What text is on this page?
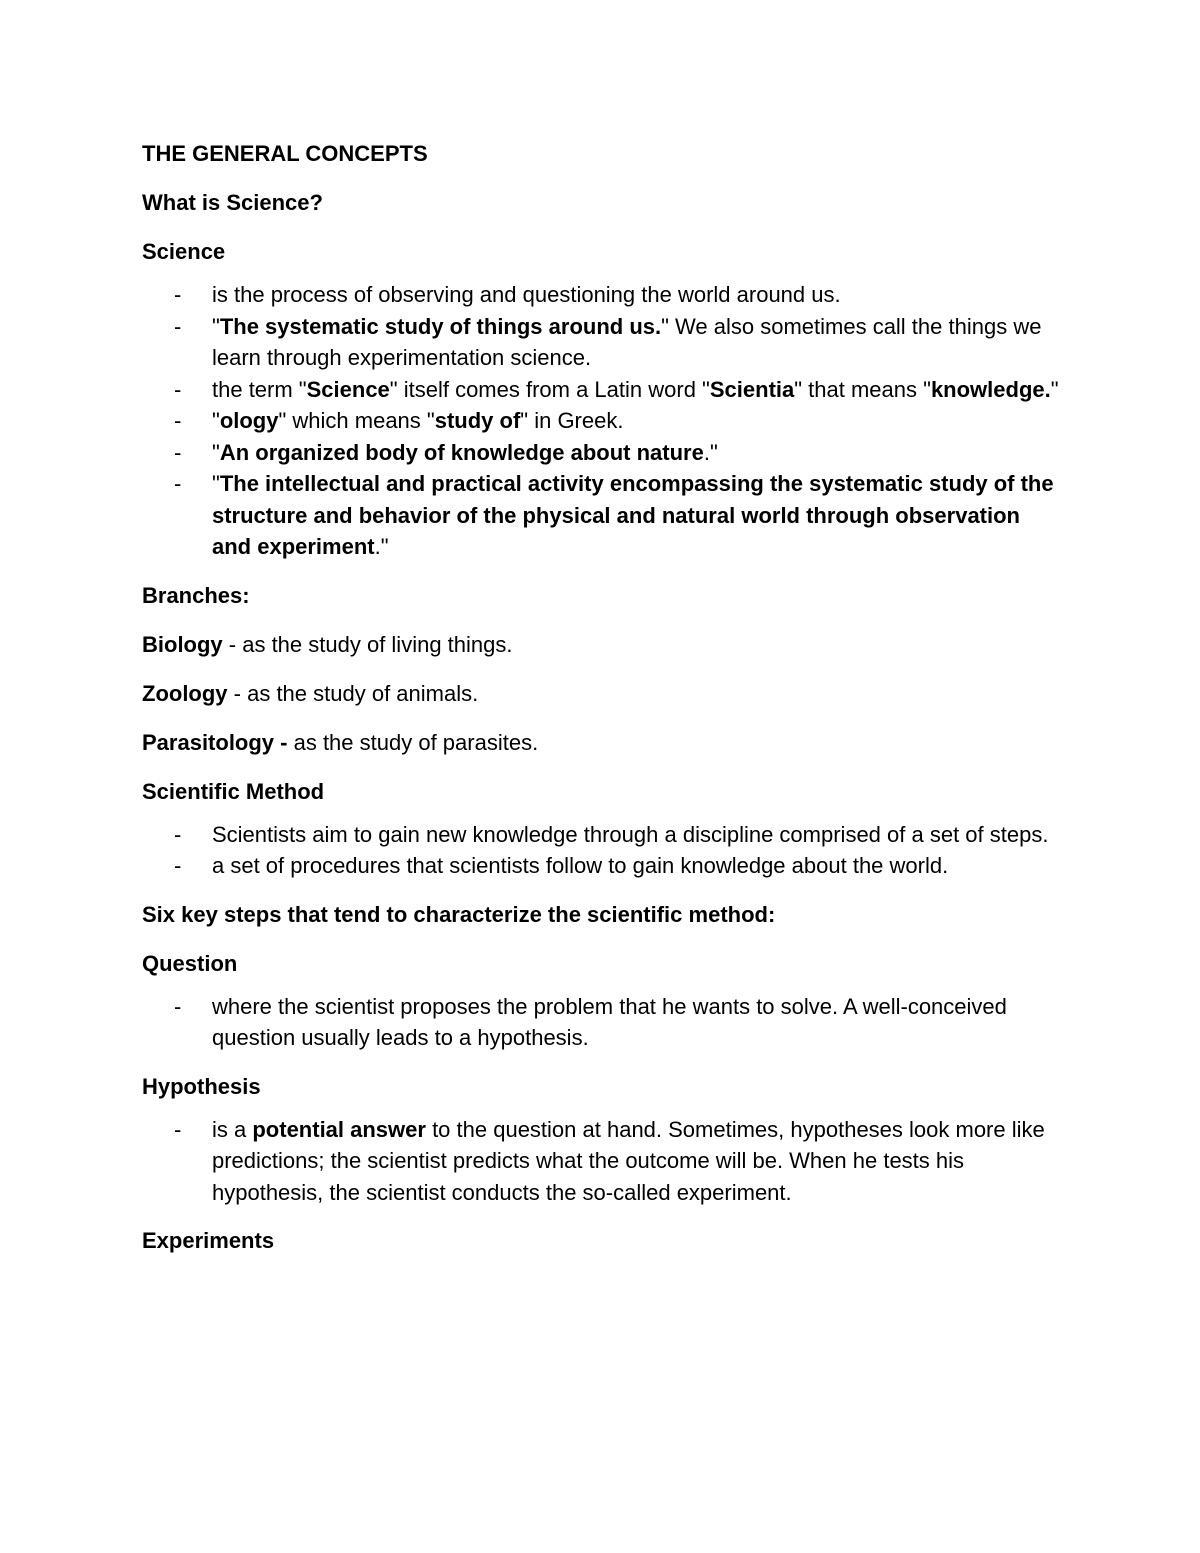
THE GENERAL CONCEPTS

What is Science?

Science

- is the process of observing and questioning the world around us.
- "The systematic study of things around us." We also sometimes call the things we learn through experimentation science.
- the term "Science" itself comes from a Latin word "Scientia" that means "knowledge."
- "ology" which means "study of" in Greek.
- "An organized body of knowledge about nature."
- "The intellectual and practical activity encompassing the systematic study of the structure and behavior of the physical and natural world through observation and experiment."

Branches:

Biology - as the study of living things.

Zoology - as the study of animals.

Parasitology - as the study of parasites.

Scientific Method

- Scientists aim to gain new knowledge through a discipline comprised of a set of steps.
- a set of procedures that scientists follow to gain knowledge about the world.

Six key steps that tend to characterize the scientific method:

Question

- where the scientist proposes the problem that he wants to solve. A well-conceived question usually leads to a hypothesis.

Hypothesis

- is a potential answer to the question at hand. Sometimes, hypotheses look more like predictions; the scientist predicts what the outcome will be. When he tests his hypothesis, the scientist conducts the so-called experiment.

Experiments
